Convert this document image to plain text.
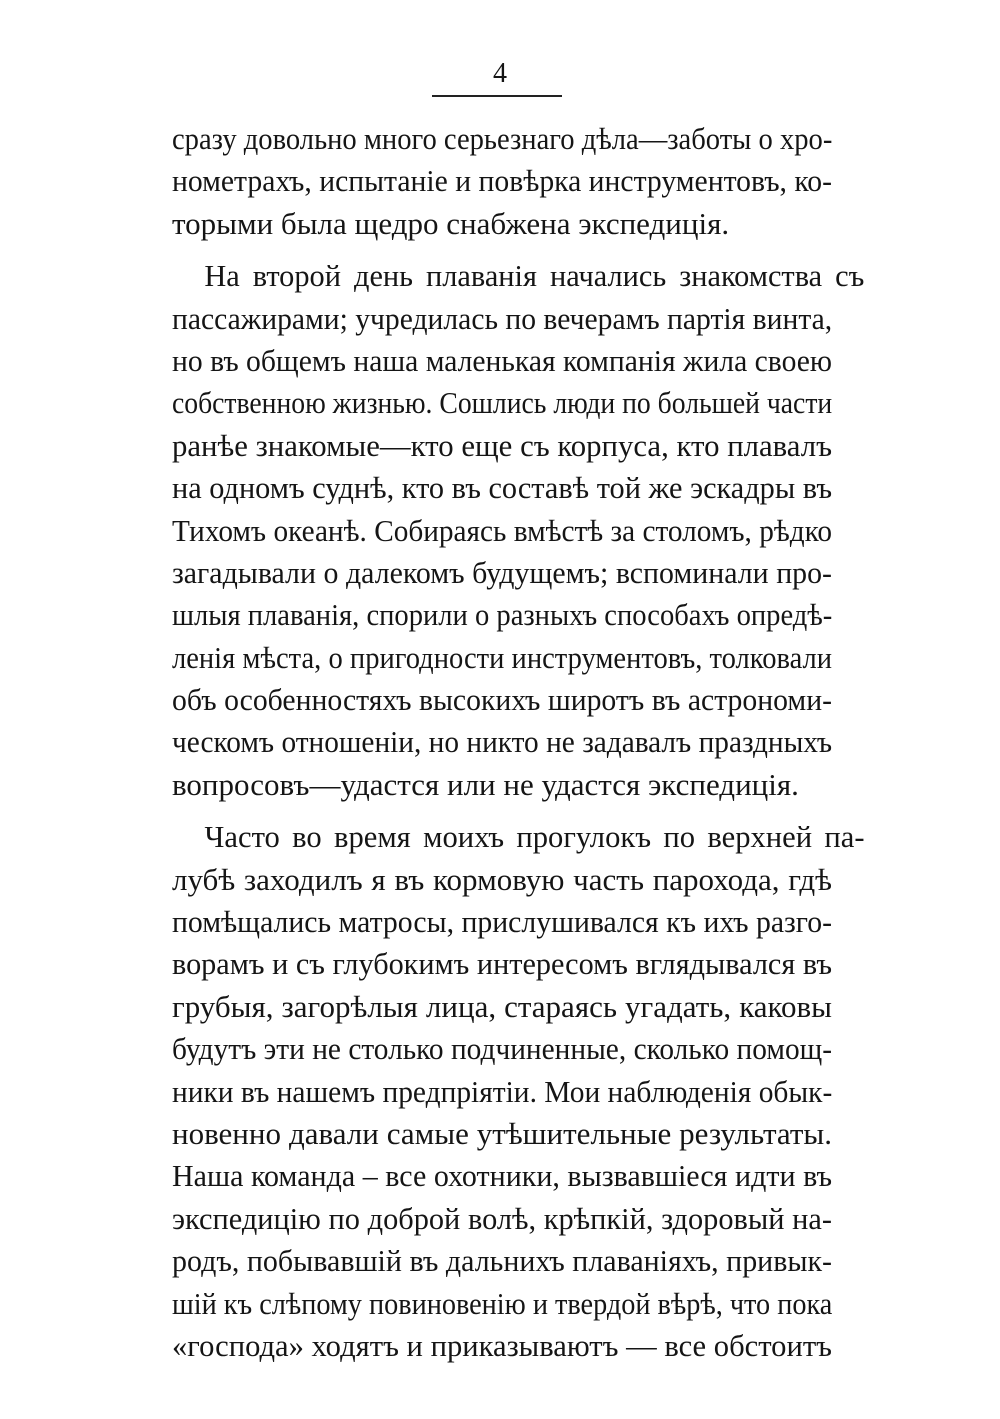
4
сразу довольно много серьезнаго дѣла—заботы о хро-
нометрахъ, испытаніе и повѣрка инструментовъ, ко-
торыми была щедро снабжена экспедиція.
На второй день плаванія начались знакомства съ
пассажирами; учредилась по вечерамъ партія винта,
но въ общемъ наша маленькая компанія жила своею
собственною жизнью. Сошлись люди по большей части
ранѣе знакомые—кто еще съ корпуса, кто плавалъ
на одномъ суднѣ, кто въ составѣ той же эскадры въ
Тихомъ океанѣ. Собираясь вмѣстѣ за столомъ, рѣдко
загадывали о далекомъ будущемъ; вспоминали про-
шлыя плаванія, спорили о разныхъ способахъ опредѣ-
ленія мѣста, о пригодности инструментовъ, толковали
объ особенностяхъ высокихъ широтъ въ астрономи-
ческомъ отношеніи, но никто не задавалъ праздныхъ
вопросовъ—удастся или не удастся экспедиція.
Часто во время моихъ прогулокъ по верхней па-
лубѣ заходилъ я въ кормовую часть парохода, гдѣ
помѣщались матросы, прислушивался къ ихъ разго-
ворамъ и съ глубокимъ интересомъ вглядывался въ
грубыя, загорѣлыя лица, стараясь угадать, каковы
будутъ эти не столько подчиненные, сколько помощ-
ники въ нашемъ предпріятіи. Мои наблюденія обык-
новенно давали самые утѣшительные результаты.
Наша команда – все охотники, вызвавшіеся идти въ
экспедицію по доброй волѣ, крѣпкій, здоровый на-
родъ, побывавшій въ дальнихъ плаваніяхъ, привык-
шій къ слѣпому повиновенію и твердой вѣрѣ, что пока
«господа» ходятъ и приказываютъ — все обстоитъ
